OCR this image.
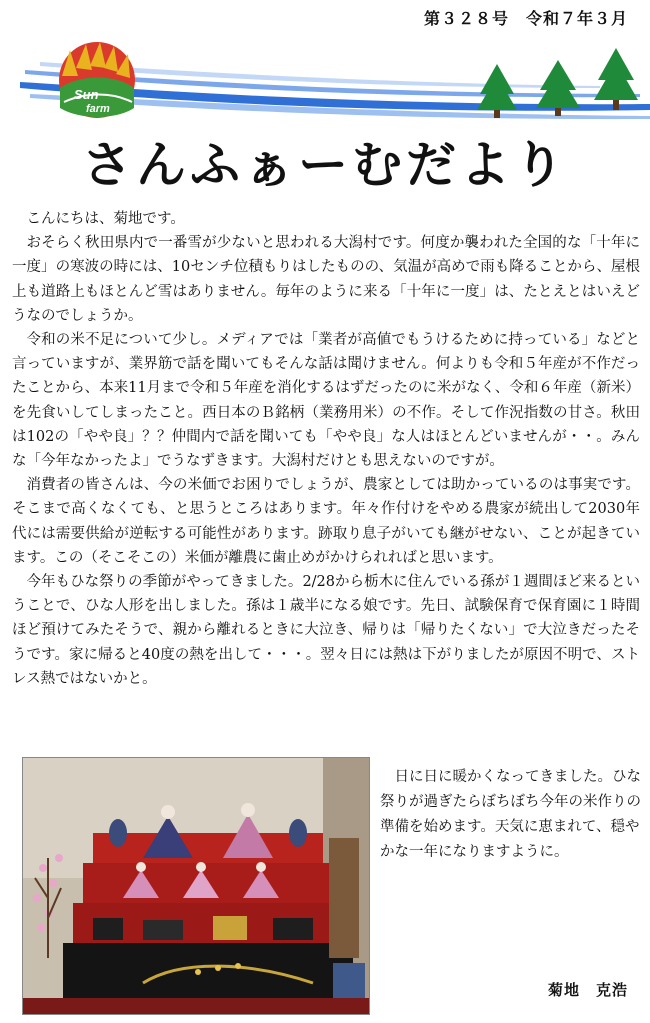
第３２８号　令和７年３月
Sun
farm
さんふぁーむだより

こんにちは、菊地です。

おそらく秋田県内で一番雪が少ないと思われる大潟村です。何度か襲われた全国的な「十年に一度」の寒波の時には、10センチ位積もりはしたものの、気温が高めで雨も降ることから、屋根上も道路上もほとんど雪はありません。毎年のように来る「十年に一度」は、たとえとはいえどうなのでしょうか。

令和の米不足について少し。メディアでは「業者が高値でもうけるために持っている」などと言っていますが、業界筋で話を聞いてもそんな話は聞けません。何よりも令和５年産が不作だったことから、本来11月まで令和５年産を消化するはずだったのに米がなく、令和６年産（新米）を先食いしてしまったこと。西日本のＢ銘柄（業務用米）の不作。そして作況指数の甘さ。秋田は102の「やや良」？？仲間内で話を聞いても「やや良」な人はほとんどいませんが・・。みんな「今年なかったよ」でうなずきます。大潟村だけとも思えないのですが。

消費者の皆さんは、今の米価でお困りでしょうが、農家としては助かっているのは事実です。そこまで高くなくても、と思うところはあります。年々作付けをやめる農家が続出して2030年代には需要供給が逆転する可能性があります。跡取り息子がいても継がせない、ことが起きています。この（そこそこの）米価が離農に歯止めがかけられればと思います。

今年もひな祭りの季節がやってきました。2/28から栃木に住んでいる孫が１週間ほど来るということで、ひな人形を出しました。孫は１歳半になる娘です。先日、試験保育で保育園に１時間ほど預けてみたそうで、親から離れるときに大泣き、帰りは「帰りたくない」で大泣きだったそうです。家に帰ると40度の熱を出して・・・。翌々日には熱は下がりましたが原因不明で、ストレス熱ではないかと。

日に日に暖かくなってきました。ひな祭りが過ぎたらぼちぼち今年の米作りの準備を始めます。天気に恵まれて、穏やかな一年になりますように。

菊地　克浩
